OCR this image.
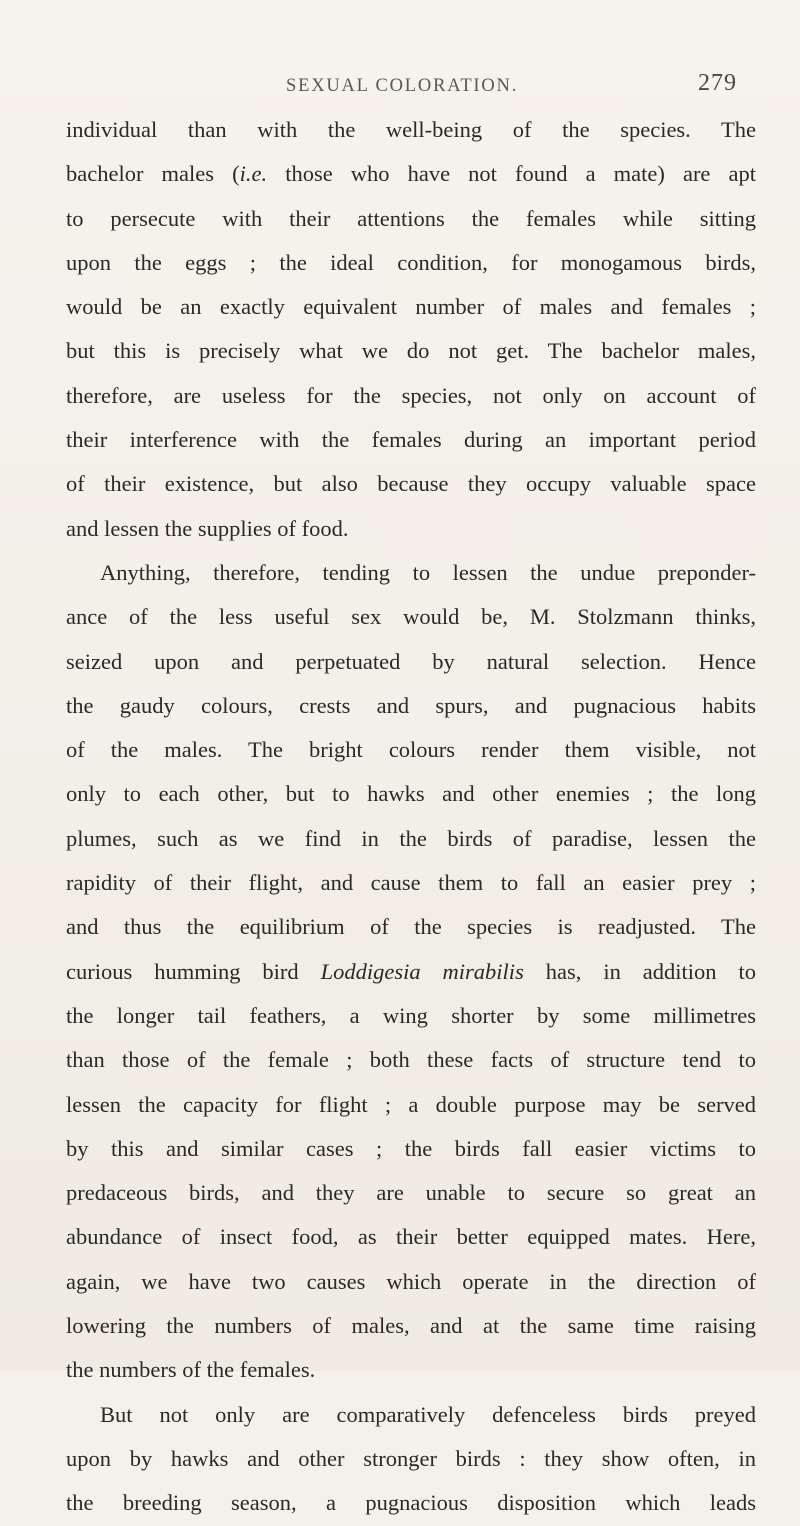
SEXUAL COLORATION.	279
individual than with the well-being of the species. The
bachelor males (i.e. those who have not found a mate) are apt
to persecute with their attentions the females while sitting
upon the eggs ; the ideal condition, for monogamous birds,
would be an exactly equivalent number of males and females ;
but this is precisely what we do not get. The bachelor males,
therefore, are useless for the species, not only on account of
their interference with the females during an important period
of their existence, but also because they occupy valuable space
and lessen the supplies of food.
Anything, therefore, tending to lessen the undue preponder-
ance of the less useful sex would be, M. Stolzmann thinks,
seized upon and perpetuated by natural selection. Hence
the gaudy colours, crests and spurs, and pugnacious habits
of the males. The bright colours render them visible, not
only to each other, but to hawks and other enemies ; the long
plumes, such as we find in the birds of paradise, lessen the
rapidity of their flight, and cause them to fall an easier prey ;
and thus the equilibrium of the species is readjusted. The
curious humming bird Loddigesia mirabilis has, in addition to
the longer tail feathers, a wing shorter by some millimetres
than those of the female ; both these facts of structure tend to
lessen the capacity for flight ; a double purpose may be served
by this and similar cases ; the birds fall easier victims to
predaceous birds, and they are unable to secure so great an
abundance of insect food, as their better equipped mates. Here,
again, we have two causes which operate in the direction of
lowering the numbers of males, and at the same time raising
the numbers of the females.
But not only are comparatively defenceless birds preyed
upon by hawks and other stronger birds : they show often, in
the breeding season, a pugnacious disposition which leads
